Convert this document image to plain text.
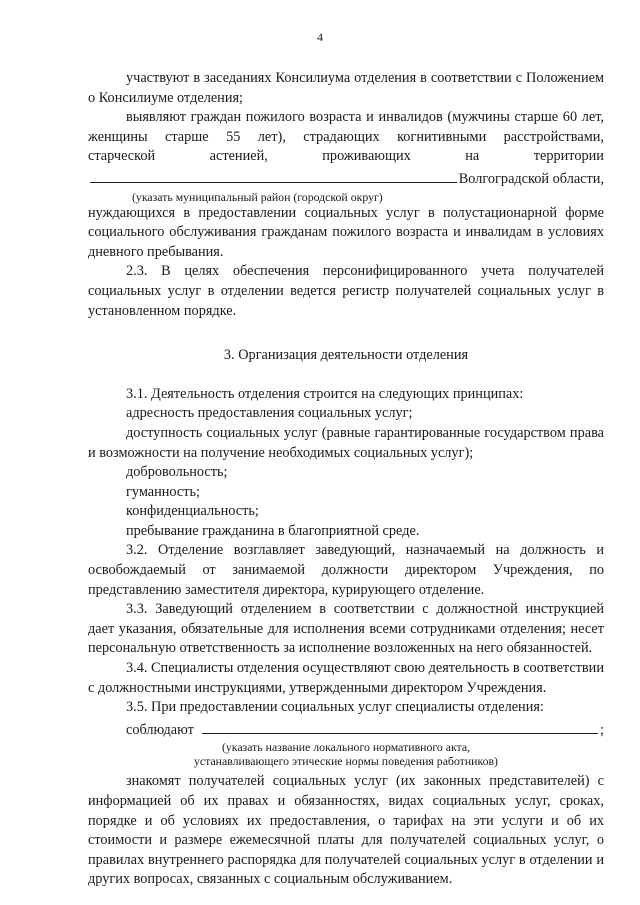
4

участвуют в заседаниях Консилиума отделения в соответствии с Положением о Консилиуме отделения;

выявляют граждан пожилого возраста и инвалидов (мужчины старше 60 лет, женщины старше 55 лет), страдающих когнитивными расстройствами,

старческой	астенией,	проживающих	на	территории
Волгоградской области,
(указать муниципальный район (городской округ)

нуждающихся в предоставлении социальных услуг в полустационарной форме социального обслуживания гражданам пожилого возраста и инвалидам в условиях дневного пребывания.

2.3. В целях обеспечения персонифицированного учета получателей социальных услуг в отделении ведется регистр получателей социальных услуг в установленном порядке.

3. Организация деятельности отделения

3.1. Деятельность отделения строится на следующих принципах:

адресность предоставления социальных услуг;

доступность социальных услуг (равные гарантированные государством права и возможности на получение необходимых социальных услуг);

добровольность;

гуманность;

конфиденциальность;

пребывание гражданина в благоприятной среде.

3.2. Отделение возглавляет заведующий, назначаемый на должность и освобождаемый от занимаемой должности директором Учреждения, по представлению заместителя директора, курирующего отделение.

3.3. Заведующий отделением в соответствии с должностной инструкцией дает указания, обязательные для исполнения всеми сотрудниками отделения; несет персональную ответственность за исполнение возложенных на него обязанностей.

3.4. Специалисты отделения осуществляют свою деятельность в соответствии с должностными инструкциями, утвержденными директором Учреждения.

3.5. При предоставлении социальных услуг специалисты отделения:

соблюдают	;
(указать название локального нормативного акта,
устанавливающего этические нормы поведения работников)

знакомят получателей социальных услуг (их законных представителей) с информацией об их правах и обязанностях, видах социальных услуг, сроках, порядке и об условиях их предоставления, о тарифах на эти услуги и об их стоимости и размере ежемесячной платы для получателей социальных услуг, о правилах внутреннего распорядка для получателей социальных услуг в отделении и других вопросах, связанных с социальным обслуживанием.
